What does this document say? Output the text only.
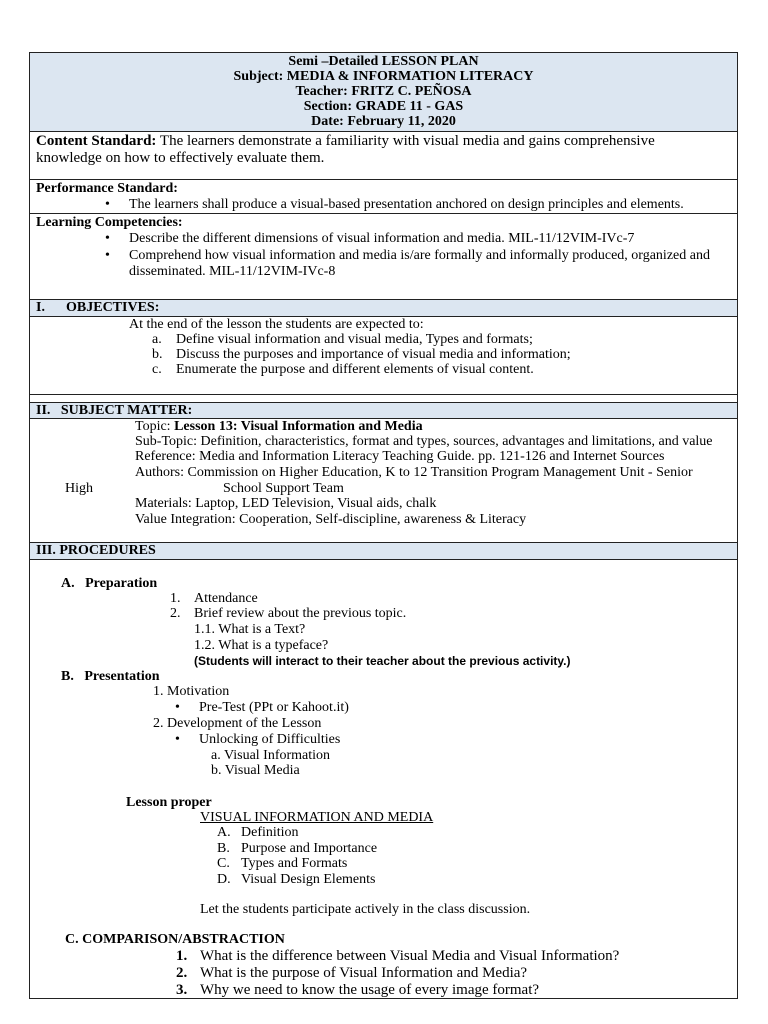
Semi –Detailed LESSON PLAN
Subject: MEDIA & INFORMATION LITERACY
Teacher: FRITZ C. PEÑOSA
Section: GRADE 11 - GAS
Date: February 11, 2020
Content Standard: The learners demonstrate a familiarity with visual media and gains comprehensive
knowledge on how to effectively evaluate them.
Performance Standard:
• The learners shall produce a visual-based presentation anchored on design principles and elements.
Learning Competencies:
• Describe the different dimensions of visual information and media. MIL-11/12VIM-IVc-7
• Comprehend how visual information and media is/are formally and informally produced, organized and
disseminated. MIL-11/12VIM-IVc-8
I. OBJECTIVES:
At the end of the lesson the students are expected to:
a. Define visual information and visual media, Types and formats;
b. Discuss the purposes and importance of visual media and information;
c. Enumerate the purpose and different elements of visual content.
II.   SUBJECT MATTER:
High
Topic: Lesson 13: Visual Information and Media
Sub-Topic: Definition, characteristics, format and types, sources, advantages and limitations, and value
Reference: Media and Information Literacy Teaching Guide. pp. 121-126 and Internet Sources
Authors: Commission on Higher Education, K to 12 Transition Program Management Unit - Senior
School Support Team
Materials: Laptop, LED Television, Visual aids, chalk
Value Integration: Cooperation, Self-discipline, awareness & Literacy
III. PROCEDURES
A.   Preparation
1. Attendance
2. Brief review about the previous topic.
1.1. What is a Text?
1.2. What is a typeface?
(Students will interact to their teacher about the previous activity.)
B.   Presentation
1. Motivation
• Pre-Test (PPt or Kahoot.it)
2. Development of the Lesson
• Unlocking of Difficulties
a. Visual Information
b. Visual Media
Lesson proper
VISUAL INFORMATION AND MEDIA
A. Definition
B. Purpose and Importance
C. Types and Formats
D. Visual Design Elements
Let the students participate actively in the class discussion.
C. COMPARISON/ABSTRACTION
1. What is the difference between Visual Media and Visual Information?
2. What is the purpose of Visual Information and Media?
3. Why we need to know the usage of every image format?
